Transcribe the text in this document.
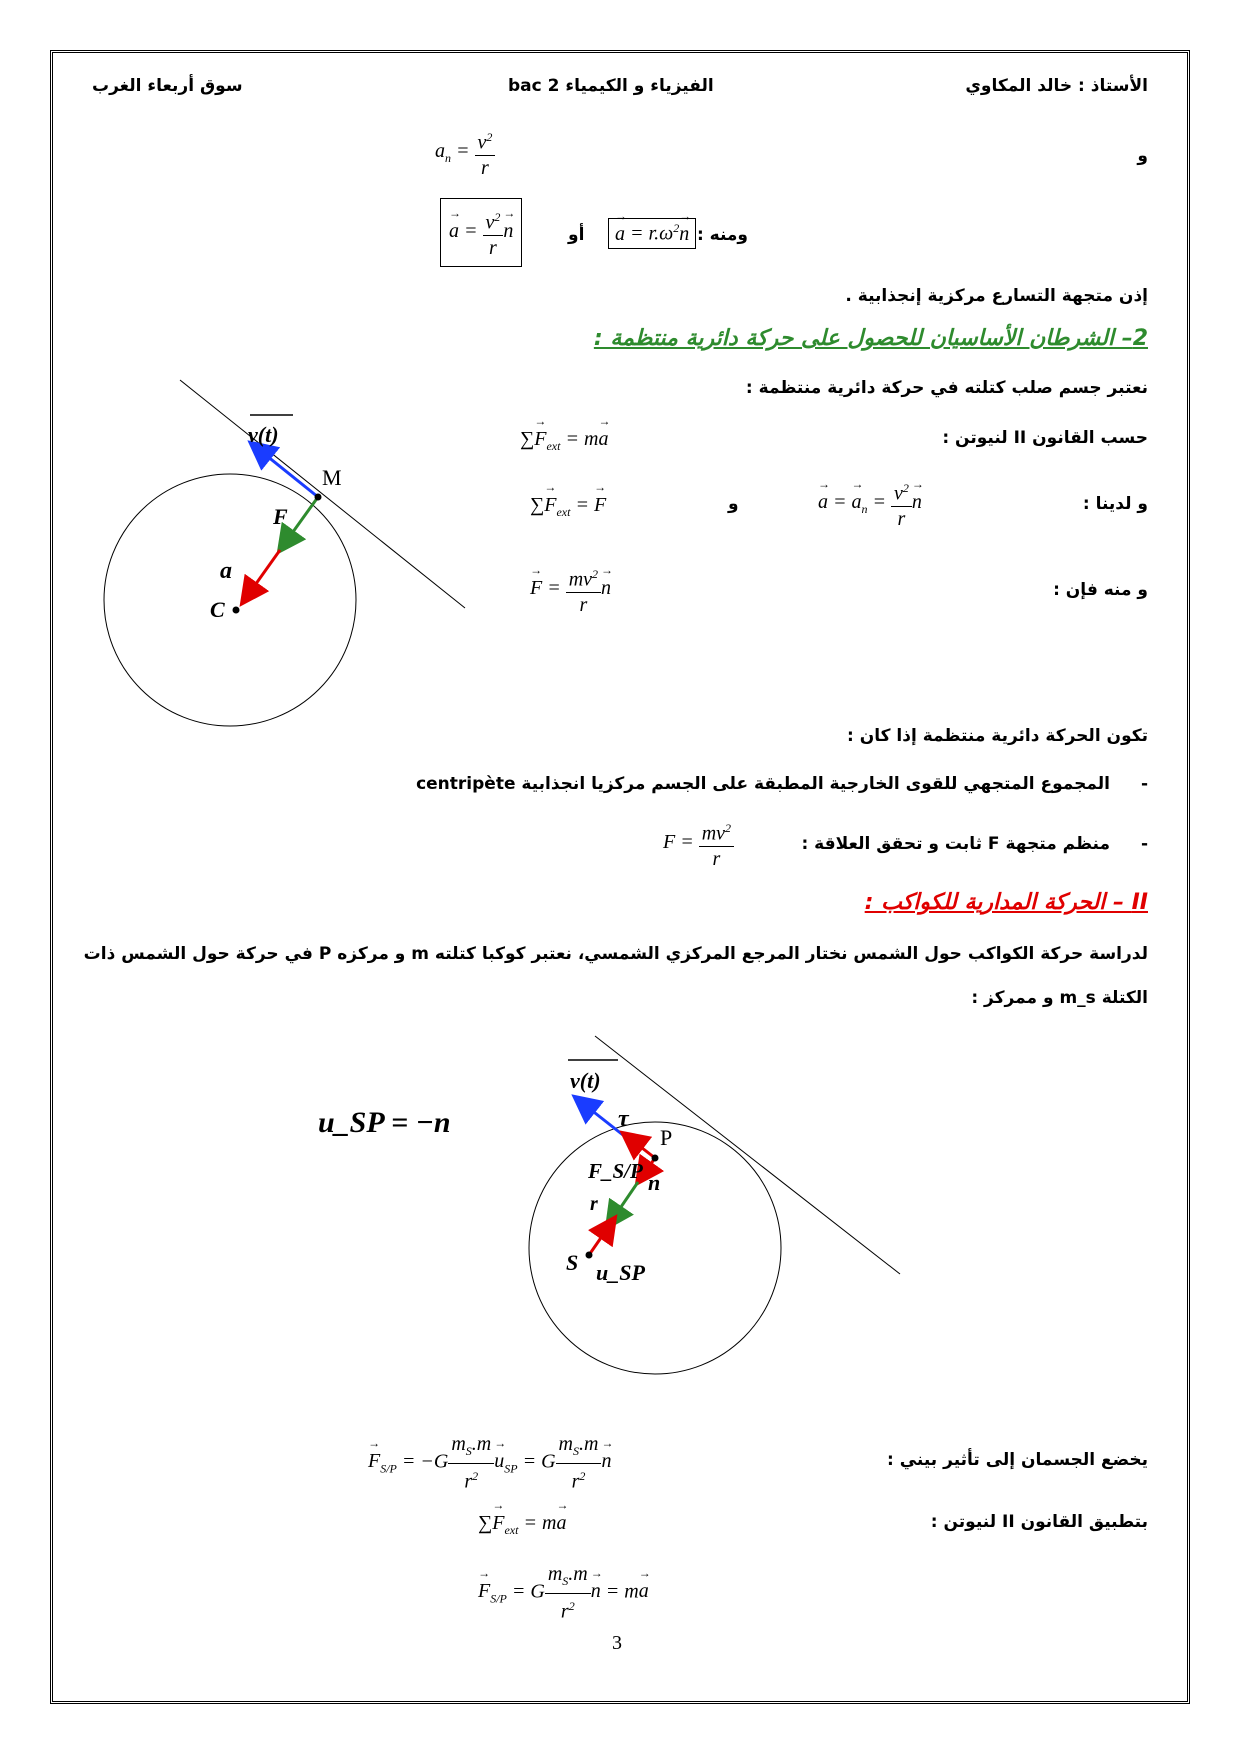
الأستاذ : خالد المكاوي
الفيزياء و الكيمياء 2 bac
سوق أربعاء الغرب
و
$a_n = \frac{v^2}{r}$
ومنه :
→ $a = r.\omega^2\to n$
أو
→ $a = \frac{v^2}{r}$
→ n
إذن متجهة التسارع مركزية إنجذابية .
2– الشرطان الأساسيان للحصول على حركة دائرية منتظمة :
نعتبر جسم صلب كتلته في حركة دائرية منتظمة :
حسب القانون II لنيوتن :
∑→ $F_{ext} = m\to a$
و لدينا :
→ a = → $a_n = \frac{v^2}{r}$
→ n
و
∑→ $F_{ext}$ = → F
و منه فإن :
→ $F = \frac{mv^2}{r}$
→ n
v(t)
M
F
a
C
تكون الحركة دائرية منتظمة إذا كان :
-
المجموع المتجهي للقوى الخارجية المطبقة على الجسم مركزيا انجذابية centripète
-
منظم متجهة F ثابت و تحقق العلاقة :
$F = \frac{mv^2}{r}$
II – الحركة المدارية للكواكب :
لدراسة حركة الكواكب حول الشمس نختار المرجع المركزي الشمسي، نعتبر كوكبا كتلته m و مركزه P في حركة حول الشمس ذات
الكتلة m_s و ممركز :
u_SP = −n
v(t)
τ
P
F_S/P n
r
S u_SP
يخضع الجسمان إلى تأثير بيني :
→ $F_{S/P} = -G \frac{m_S.m}{r^2}$
→ $u_{SP} = G \frac{m_S.m}{r^2}$
→ n
بتطبيق القانون II لنيوتن :
∑→ $F_{ext} = m\to a$
→ $F_{S/P} = G \frac{m_S.m}{r^2}$
→ n = m→ a
3
